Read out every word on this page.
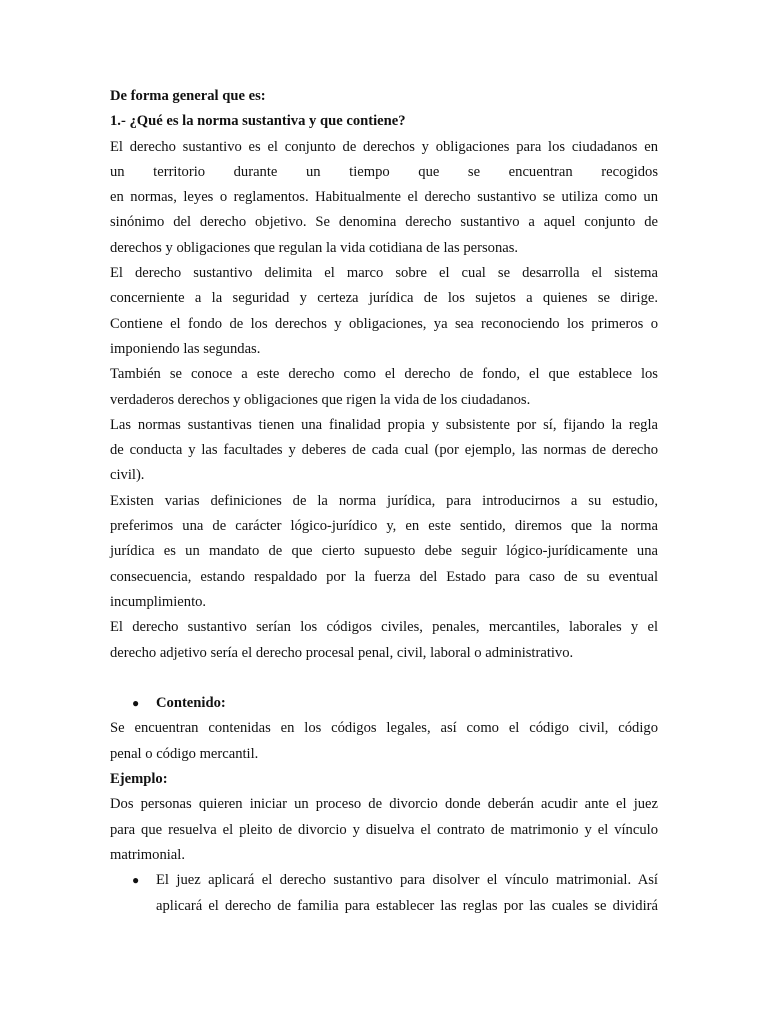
De forma general que es:
1.- ¿Qué es la norma sustantiva y que contiene?
El derecho sustantivo es el conjunto de derechos y obligaciones para los ciudadanos en
un territorio durante un tiempo que se encuentran recogidos
en normas, leyes o reglamentos. Habitualmente el derecho sustantivo se utiliza como un
sinónimo del derecho objetivo. Se denomina derecho sustantivo a aquel conjunto de
derechos y obligaciones que regulan la vida cotidiana de las personas.
El derecho sustantivo delimita el marco sobre el cual se desarrolla el sistema
concerniente a la seguridad y certeza jurídica de los sujetos a quienes se dirige.
Contiene el fondo de los derechos y obligaciones, ya sea reconociendo los primeros o
imponiendo las segundas.
También se conoce a este derecho como el derecho de fondo, el que establece los
verdaderos derechos y obligaciones que rigen la vida de los ciudadanos.
Las normas sustantivas tienen una finalidad propia y subsistente por sí, fijando la regla
de conducta y las facultades y deberes de cada cual (por ejemplo, las normas de derecho
civil).
Existen varias definiciones de la norma jurídica, para introducirnos a su estudio,
preferimos una de carácter lógico-jurídico y, en este sentido, diremos que la norma
jurídica es un mandato de que cierto supuesto debe seguir lógico-jurídicamente una
consecuencia, estando respaldado por la fuerza del Estado para caso de su eventual
incumplimiento.
El derecho sustantivo serían los códigos civiles, penales, mercantiles, laborales y el
derecho adjetivo sería el derecho procesal penal, civil, laboral o administrativo.
● Contenido:
Se encuentran contenidas en los códigos legales, así como el código civil, código
penal o código mercantil.
Ejemplo:
Dos personas quieren iniciar un proceso de divorcio donde deberán acudir ante el juez
para que resuelva el pleito de divorcio y disuelva el contrato de matrimonio y el vínculo
matrimonial.
● El juez aplicará el derecho sustantivo para disolver el vínculo matrimonial. Así
aplicará el derecho de familia para establecer las reglas por las cuales se dividirá
